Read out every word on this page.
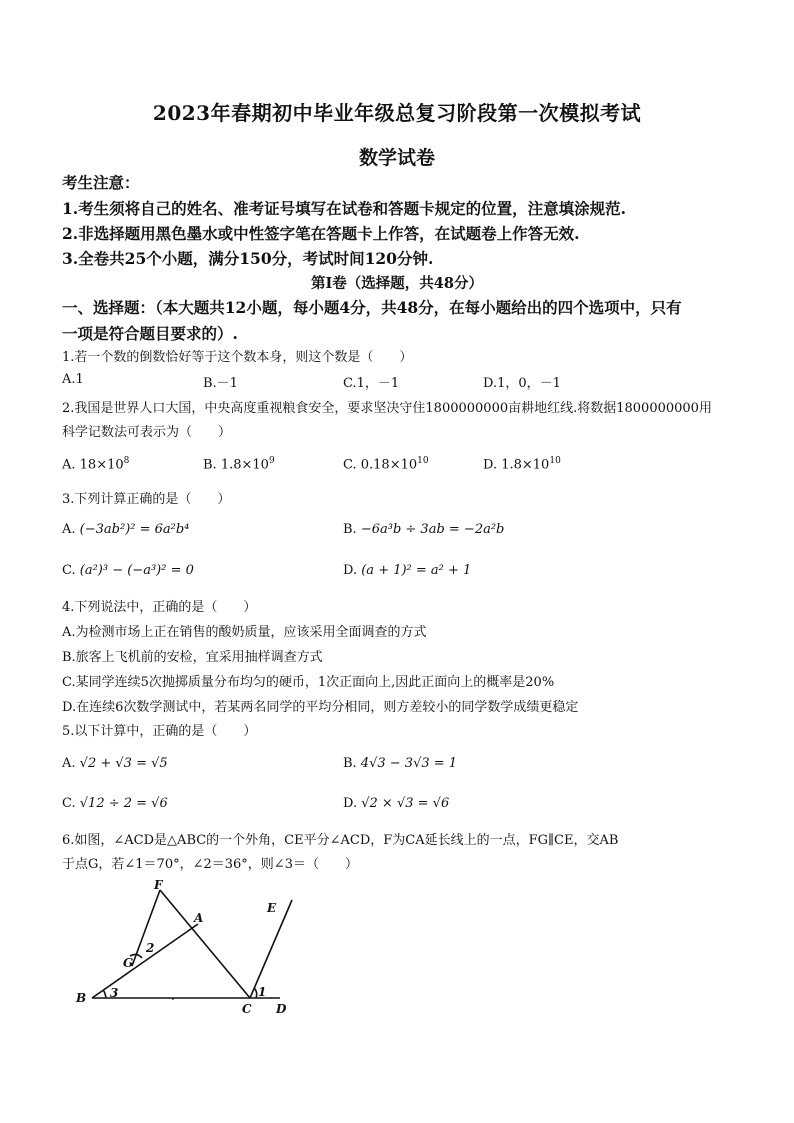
2023年春期初中毕业年级总复习阶段第一次模拟考试
数学试卷
考生注意：
1.考生须将自己的姓名、准考证号填写在试卷和答题卡规定的位置，注意填涂规范.
2.非选择题用黑色墨水或中性签字笔在答题卡上作答，在试题卷上作答无效.
3.全卷共25个小题，满分150分，考试时间120分钟.
第Ⅰ卷（选择题，共48分）
一、选择题：（本大题共12小题，每小题4分，共48分，在每小题给出的四个选项中，只有
一项是符合题目要求的）.
1.若一个数的倒数恰好等于这个数本身，则这个数是（　　）
A.1	B.－1	C.1，－1	D.1，0，－1
2.我国是世界人口大国，中央高度重视粮食安全，要求坚决守住1800000000亩耕地红线.将数据1800000000用
科学记数法可表示为（　　）
A. $18\times 10^8$	B. $1.8\times 10^9$	C. $0.18\times 10^{10}$	D. $1.8\times 10^{10}$
3.下列计算正确的是（　　）
A. (−3ab²)² = 6a²b⁴	B. −6a³b ÷ 3ab = −2a²b
C. (a²)³ − (−a³)² = 0	D. (a + 1)² = a² + 1
4.下列说法中，正确的是（　　）
A.为检测市场上正在销售的酸奶质量，应该采用全面调查的方式
B.旅客上飞机前的安检，宜采用抽样调查方式
C.某同学连续5次抛掷质量分布均匀的硬币，1次正面向上,因此正面向上的概率是20%
D.在连续6次数学测试中，若某两名同学的平均分相同，则方差较小的同学数学成绩更稳定
5.以下计算中，正确的是（　　）
A. √2 + √3 = √5	B. 4√3 − 3√3 = 1
C. √12 ÷ 2 = √6	D. √2 × √3 = √6
6.如图，∠ACD是△ABC的一个外角，CE平分∠ACD，F为CA延长线上的一点，FG∥CE，交AB
于点G，若∠1＝70°，∠2＝36°，则∠3＝（　　）
F
A
E
2
G
B 3	1
C D
